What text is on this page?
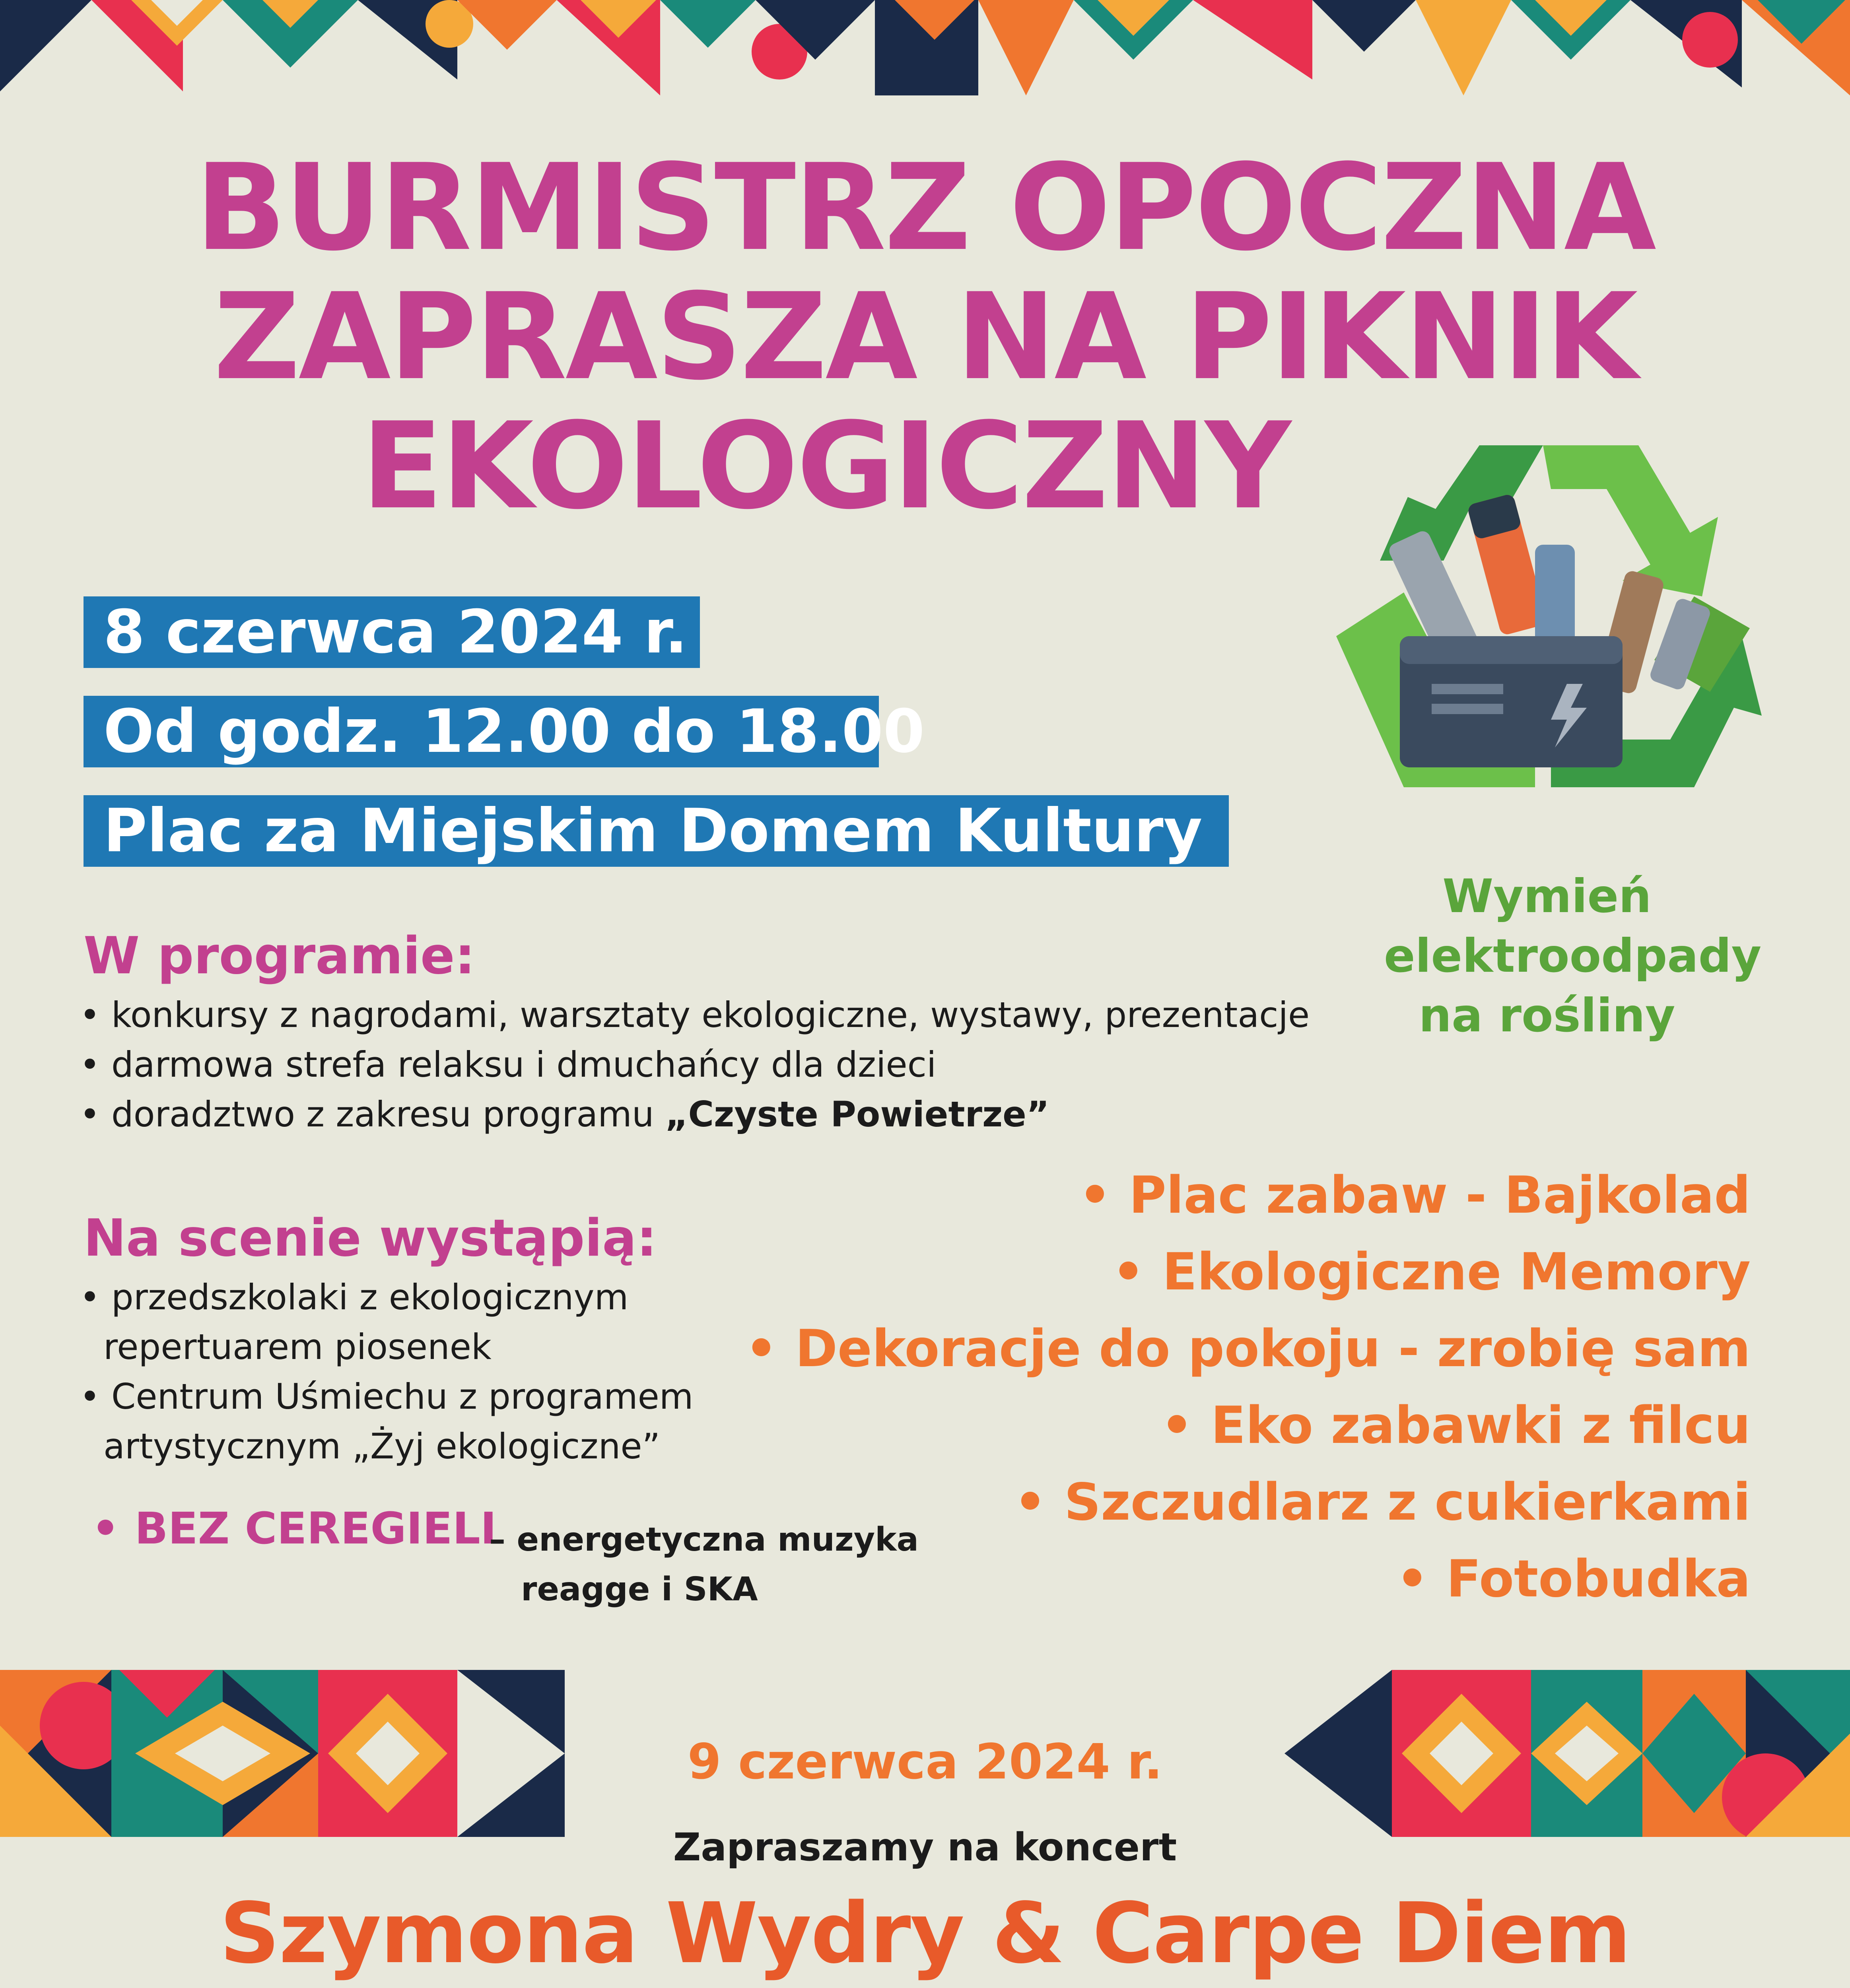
BURMISTRZ OPOCZNA
ZAPRASZA NA PIKNIK
EKOLOGICZNY
8 czerwca 2024 r.
Od godz. 12.00 do 18.00
Plac za Miejskim Domem Kultury
Wymień
elektroodpady
na rośliny
W programie:
• konkursy z nagrodami, warsztaty ekologiczne, wystawy, prezentacje
• darmowa strefa relaksu i dmuchańcy dla dzieci
• doradztwo z zakresu programu „Czyste Powietrze”
Na scenie wystąpią:
• przedszkolaki z ekologicznym
repertuarem piosenek
• Centrum Uśmiechu z programem
artystycznym „Żyj ekologiczne”
• BEZ CEREGIELI
– energetyczna muzyka
reagge i SKA
• Plac zabaw - Bajkolad
• Ekologiczne Memory
• Dekoracje do pokoju - zrobię sam
• Eko zabawki z filcu
• Szczudlarz z cukierkami
• Fotobudka
9 czerwca 2024 r.
Zapraszamy na koncert
Szymona Wydry & Carpe Diem
